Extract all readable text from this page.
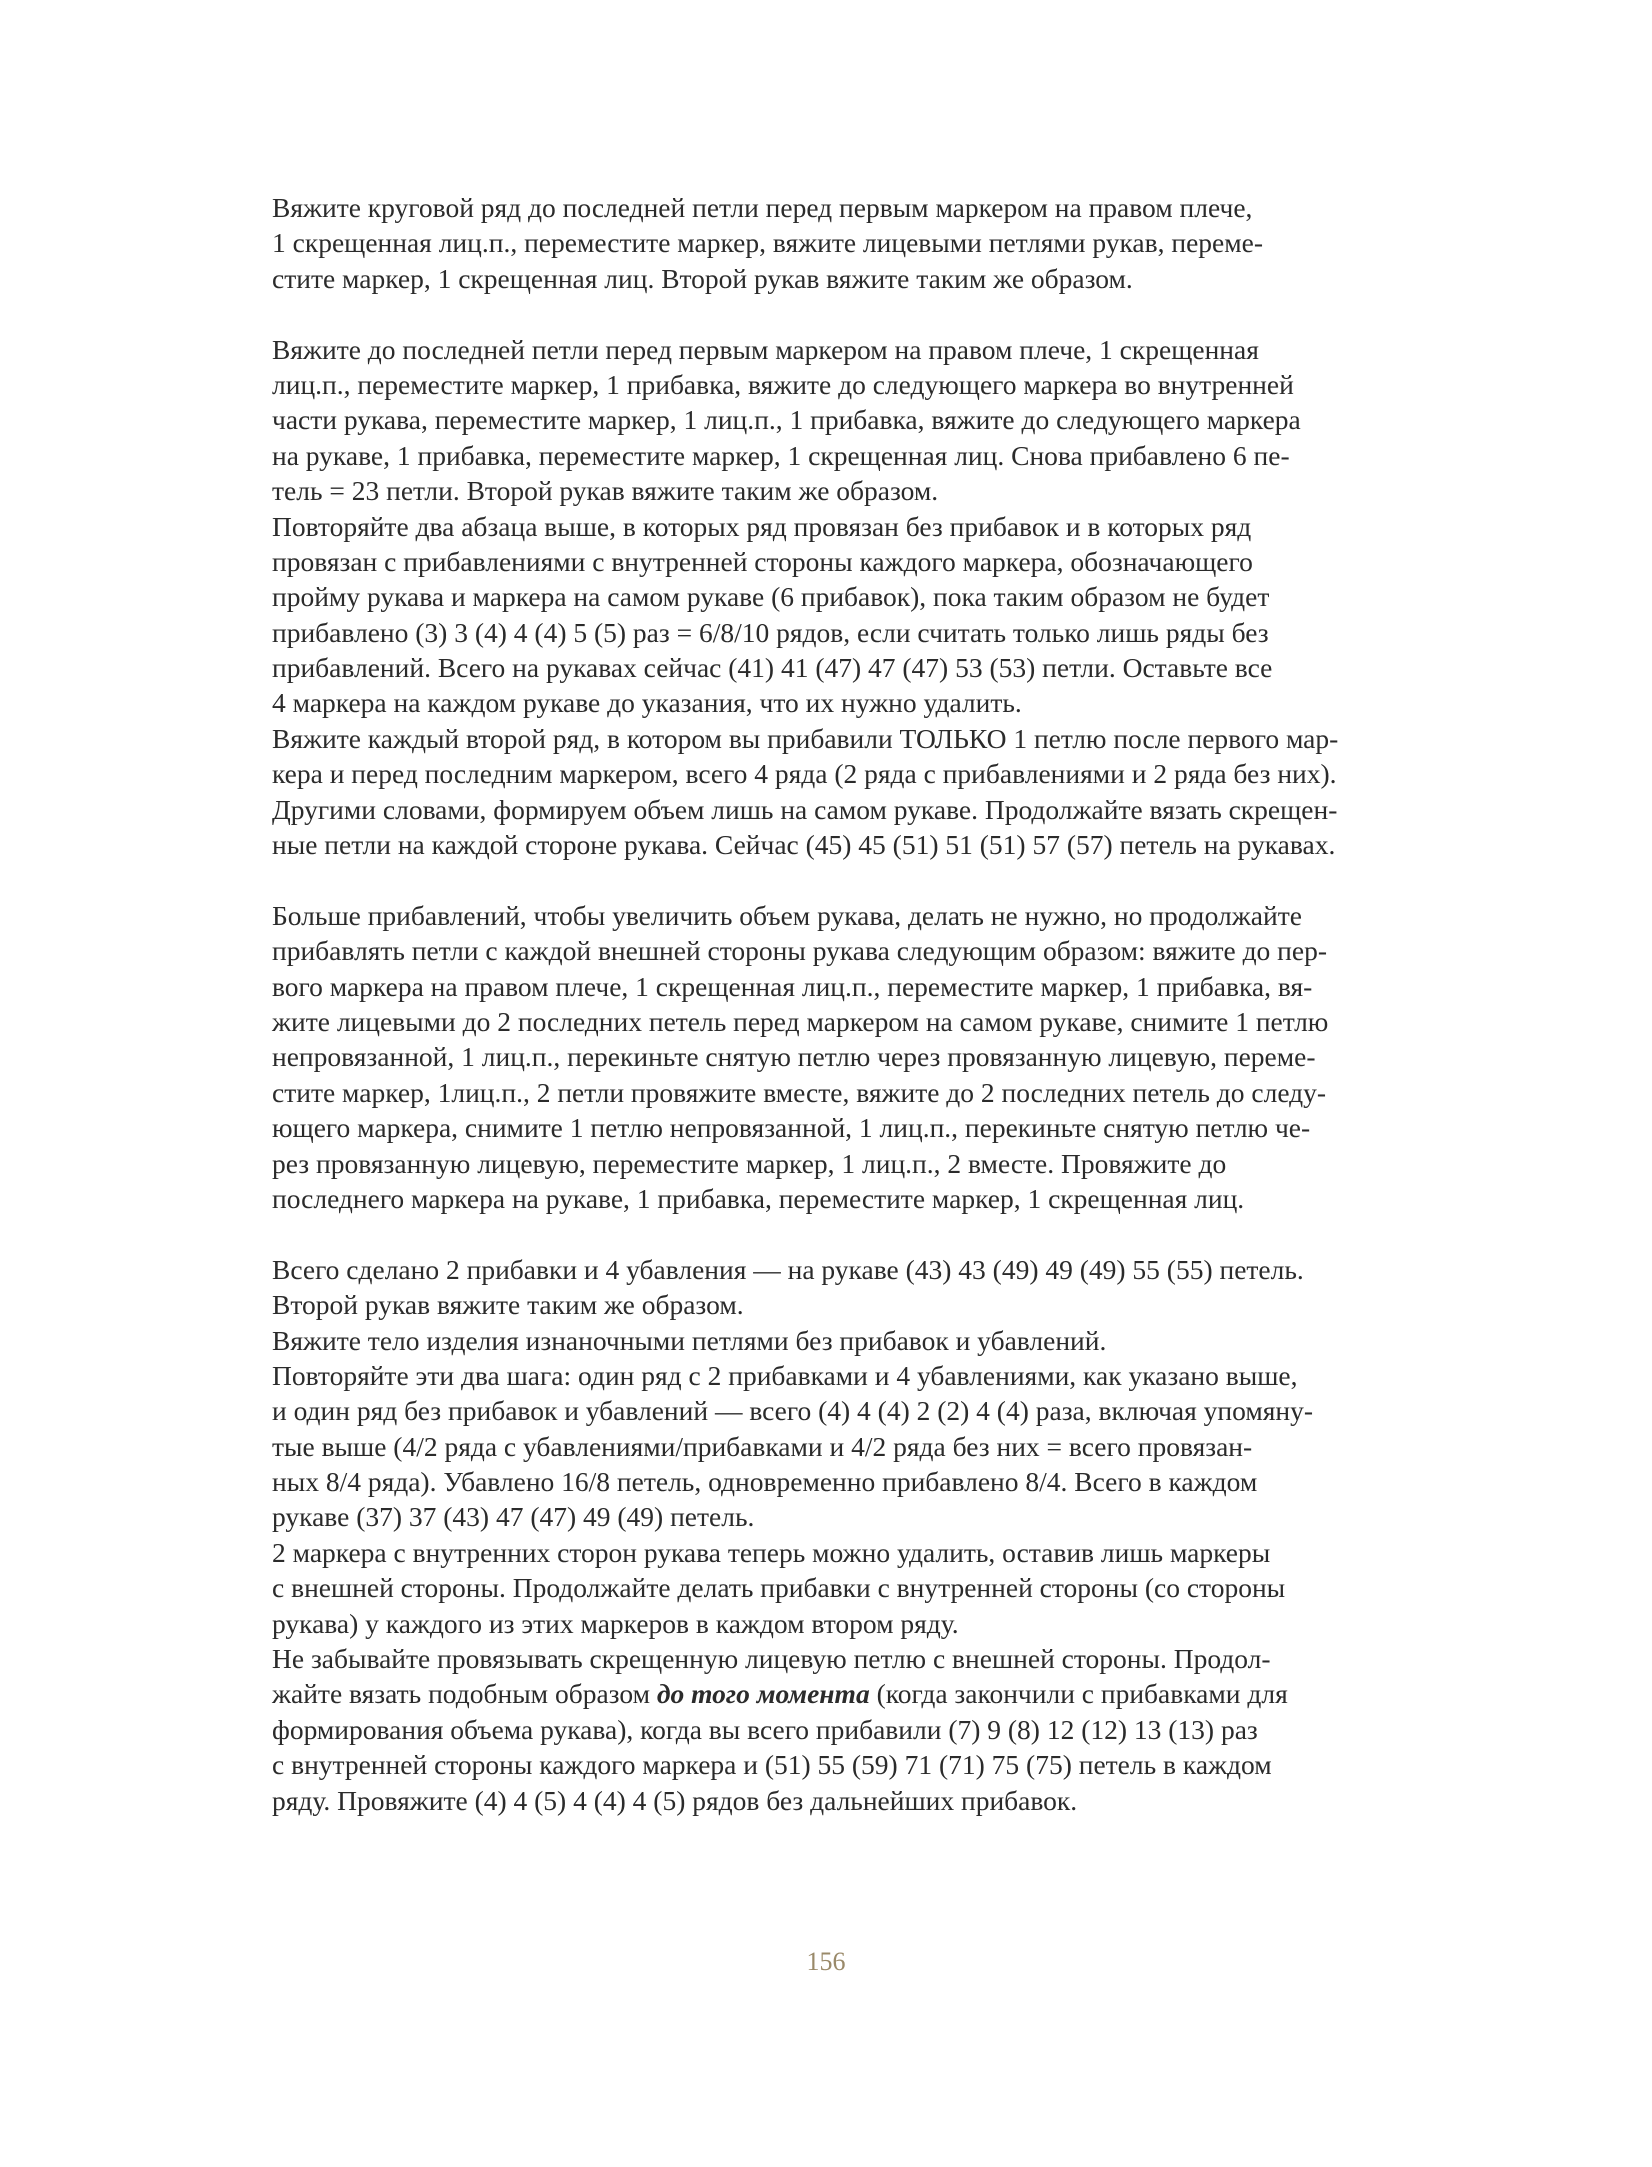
Вяжите круговой ряд до последней петли перед первым маркером на правом плече,

1 скрещенная лиц.п., переместите маркер, вяжите лицевыми петлями рукав, переме-

стите маркер, 1 скрещенная лиц. Второй рукав вяжите таким же образом.

Вяжите до последней петли перед первым маркером на правом плече, 1 скрещенная

лиц.п., переместите маркер, 1 прибавка, вяжите до следующего маркера во внутренней

части рукава, переместите маркер, 1 лиц.п., 1 прибавка, вяжите до следующего маркера

на рукаве, 1 прибавка, переместите маркер, 1 скрещенная лиц. Снова прибавлено 6 пе-

тель = 23 петли. Второй рукав вяжите таким же образом.

Повторяйте два абзаца выше, в которых ряд провязан без прибавок и в которых ряд

провязан с прибавлениями с внутренней стороны каждого маркера, обозначающего

пройму рукава и маркера на самом рукаве (6 прибавок), пока таким образом не будет

прибавлено (3) 3 (4) 4 (4) 5 (5) раз = 6/8/10 рядов, если считать только лишь ряды без

прибавлений. Всего на рукавах сейчас (41) 41 (47) 47 (47) 53 (53) петли. Оставьте все

4 маркера на каждом рукаве до указания, что их нужно удалить.

Вяжите каждый второй ряд, в котором вы прибавили ТОЛЬКО 1 петлю после первого мар-

кера и перед последним маркером, всего 4 ряда (2 ряда с прибавлениями и 2 ряда без них).

Другими словами, формируем объем лишь на самом рукаве. Продолжайте вязать скрещен-

ные петли на каждой стороне рукава. Сейчас (45) 45 (51) 51 (51) 57 (57) петель на рукавах.

Больше прибавлений, чтобы увеличить объем рукава, делать не нужно, но продолжайте

прибавлять петли с каждой внешней стороны рукава следующим образом: вяжите до пер-

вого маркера на правом плече, 1 скрещенная лиц.п., переместите маркер, 1 прибавка, вя-

жите лицевыми до 2 последних петель перед маркером на самом рукаве, снимите 1 петлю

непровязанной, 1 лиц.п., перекиньте снятую петлю через провязанную лицевую, переме-

стите маркер, 1лиц.п., 2 петли провяжите вместе, вяжите до 2 последних петель до следу-

ющего маркера, снимите 1 петлю непровязанной, 1 лиц.п., перекиньте снятую петлю че-

рез провязанную лицевую, переместите маркер, 1 лиц.п., 2 вместе. Провяжите до

последнего маркера на рукаве, 1 прибавка, переместите маркер, 1 скрещенная лиц.

Всего сделано 2 прибавки и 4 убавления — на рукаве (43) 43 (49) 49 (49) 55 (55) петель.

Второй рукав вяжите таким же образом.

Вяжите тело изделия изнаночными петлями без прибавок и убавлений.

Повторяйте эти два шага: один ряд с 2 прибавками и 4 убавлениями, как указано выше,

и один ряд без прибавок и убавлений — всего (4) 4 (4) 2 (2) 4 (4) раза, включая упомяну-

тые выше (4/2 ряда с убавлениями/прибавками и 4/2 ряда без них = всего провязан-

ных 8/4 ряда). Убавлено 16/8 петель, одновременно прибавлено 8/4. Всего в каждом

рукаве (37) 37 (43) 47 (47) 49 (49) петель.

2 маркера с внутренних сторон рукава теперь можно удалить, оставив лишь маркеры

с внешней стороны. Продолжайте делать прибавки с внутренней стороны (со стороны

рукава) у каждого из этих маркеров в каждом втором ряду.

Не забывайте провязывать скрещенную лицевую петлю с внешней стороны. Продол-

жайте вязать подобным образом до того момента (когда закончили с прибавками для

формирования объема рукава), когда вы всего прибавили (7) 9 (8) 12 (12) 13 (13) раз

с внутренней стороны каждого маркера и (51) 55 (59) 71 (71) 75 (75) петель в каждом

ряду. Провяжите (4) 4 (5) 4 (4) 4 (5) рядов без дальнейших прибавок.

156
